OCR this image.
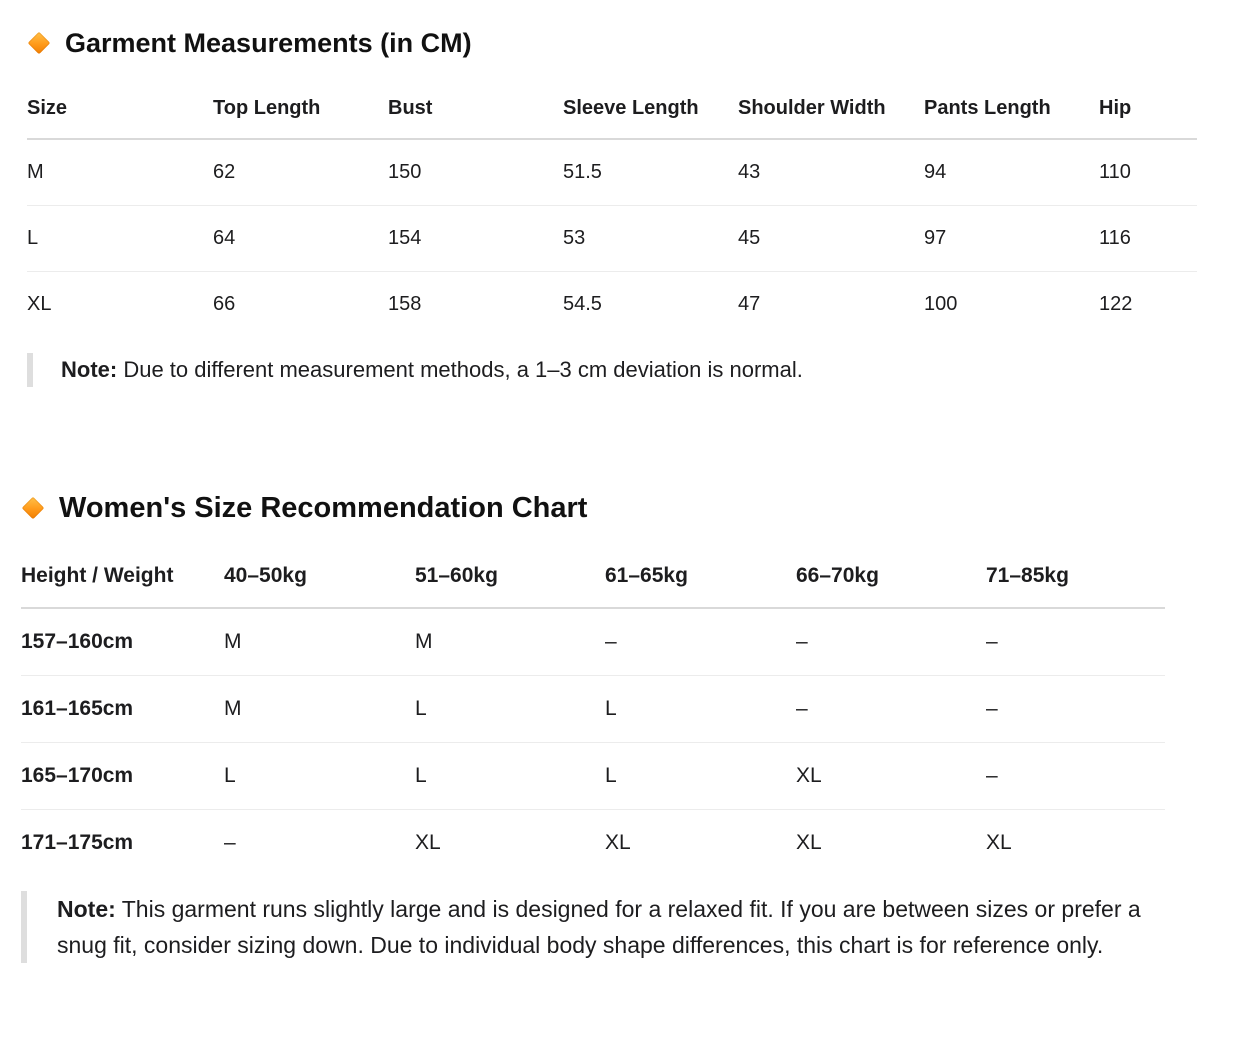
Garment Measurements (in CM)
Size	Top Length	Bust	Sleeve Length	Shoulder Width	Pants Length	Hip
M	62	150	51.5	43	94	110
L	64	154	53	45	97	116
XL	66	158	54.5	47	100	122
Note: Due to different measurement methods, a 1–3 cm deviation is normal.
Women's Size Recommendation Chart
Height / Weight	40–50kg	51–60kg	61–65kg	66–70kg	71–85kg
157–160cm	M	M	–	–	–
161–165cm	M	L	L	–	–
165–170cm	L	L	L	XL	–
171–175cm	–	XL	XL	XL	XL
Note: This garment runs slightly large and is designed for a relaxed fit. If you are between sizes or prefer a snug fit, consider sizing down. Due to individual body shape differences, this chart is for reference only.
